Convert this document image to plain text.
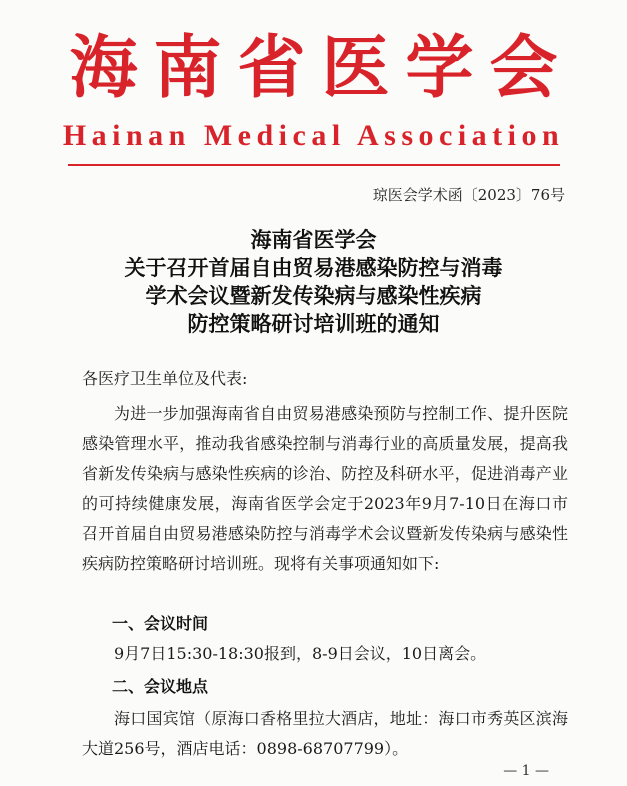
海南省医学会
Hainan Medical Association
琼医会学术函〔2023〕76号
海南省医学会
关于召开首届自由贸易港感染防控与消毒
学术会议暨新发传染病与感染性疾病
防控策略研讨培训班的通知
各医疗卫生单位及代表:
为进一步加强海南省自由贸易港感染预防与控制工作、提升医院感染管理水平，推动我省感染控制与消毒行业的高质量发展，提高我省新发传染病与感染性疾病的诊治、防控及科研水平，促进消毒产业的可持续健康发展，海南省医学会定于2023年9月7-10日在海口市召开首届自由贸易港感染防控与消毒学术会议暨新发传染病与感染性疾病防控策略研讨培训班。现将有关事项通知如下:
一、会议时间
9月7日15:30-18:30报到，8-9日会议，10日离会。
二、会议地点
海口国宾馆（原海口香格里拉大酒店，地址：海口市秀英区滨海大道256号，酒店电话：0898-68707799）。
— 1 —
